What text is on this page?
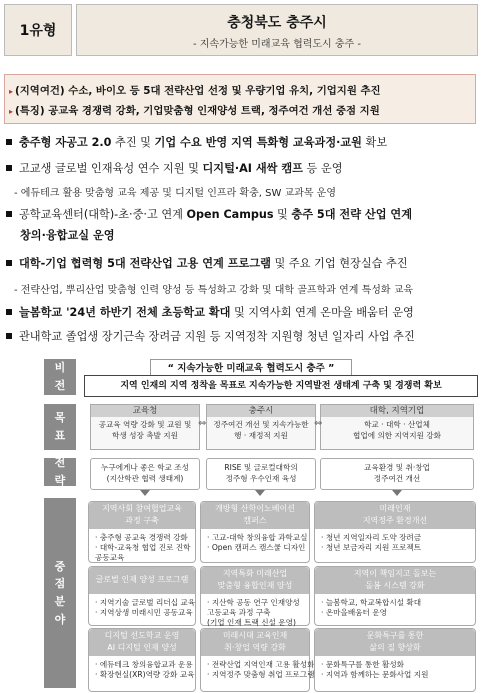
1유형	충청북도 충주시
- 지속가능한 미래교육 협력도시 충주 -
▸ (지역여건) 수소, 바이오 등 5대 전략산업 선정 및 우량기업 유치, 기업지원 추진
▸ (특징) 공교육 경쟁력 강화, 기업맞춤형 인재양성 트랙, 정주여건 개선 중점 지원
충주형 자공고 2.0 추진 및 기업 수요 반영 지역 특화형 교육과정·교원 확보
고교생 글로벌 인재육성 연수 지원 및 디지털·AI 새싹 캠프 등 운영
- 에듀테크 활용 맞춤형 교육 제공 및 디지털 인프라 확충, SW 교과목 운영
공학교육센터(대학)-초·중·고 연계 Open Campus 및 충주 5대 전략 산업 연계
창의·융합교실 운영
대학-기업 협력형 5대 전략산업 고용 연계 프로그램 및 주요 기업 현장실습 추진
- 전략산업, 뿌리산업 맞춤형 인력 양성 등 특성화고 강화 및 대학 골프학과 연계 특성화 교육
늘봄학교 '24년 하반기 전체 초등학교 확대 및 지역사회 연계 온마을 배움터 운영
관내학교 졸업생 장기근속 장려금 지원 등 지역정착 지원형 청년 일자리 사업 추진
비
전
“ 지속가능한 미래교육 협력도시 충주 ”
지역 인재의 지역 정착을 목표로 지속가능한 지역발전 생태계 구축 및 경쟁력 확보
목
표
교육청
공교육 역량 강화 및 교원 및
학생 성장 촉발 지원
충주시
정주여건 개선 및 지속가능한
행 · 재정적 지원
대학, 지역기업
학교 · 대학 · 산업체
협업에 의한 지역지원 강화
⇔	⇔
전
략
누구에게나 좋은 학교 조성
(지산학관 협력 생태계)
RISE 및 글로컬대학의
정주형 우수인재 육성
교육환경 및 취·창업
정주여건 개선
중
점
분
야
지역사회 참여협업교육
과정 구축
· 충주형 공교육 경쟁력 강화
· 대학-교육청 협업 진로 진학
공동교육
개방형 산학이노베이션
캠퍼스
· 고교-대학 창의융합 과학교실
· Open 캠퍼스 캠스쿨 디자인
미래인재
지역정주 환경개선
· 청년 지역일자리 도약 장려금
· 청년 보금자리 지원 프로젝트
글로벌 인재 양성 프로그램
· 지역기술 글로벌 리더십 교육
· 지역상생 미래시민 공동교육
지역특화 미래산업
맞춤형 융합인재 양성
· 지산학 공동 연구 인재양성
고등교육 과정 구축
(기업 인재 트랙 신설 운영)
지역이 책임지고 돌보는
돌봄 시스템 강화
· 늘봄학교, 학교복합시설 확대
· 온마을배움터 운영
디지털 선도학교 운영
AI 디지털 인재 양성
· 에듀테크 창의융합교과 운용
· 확장현실(XR)역량 강화 교육
미래시대 교육인재
취·창업 역량 강화
· 전략산업 지역인재 고용 활성화
· 지역정주 맞춤형 취업 프로그램
문화특구를 통한
삶의 질 향상화
· 문화특구를 통한 활성화
· 지역과 함께하는 문화사업 지원
